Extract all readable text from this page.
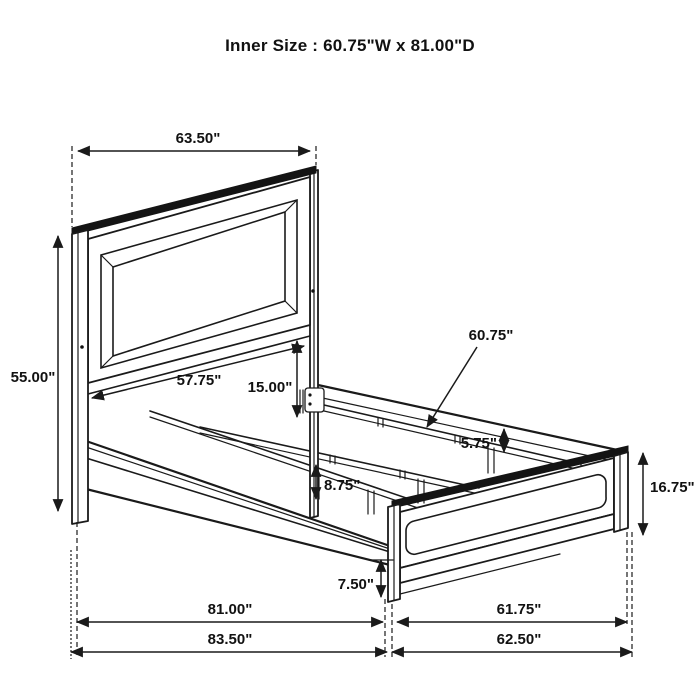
Inner Size : 60.75"W x 81.00"D
63.50"
55.00"	57.75" 15.00"
60.75"
5.75"
8.75"	16.75"
7.50"
81.00"	61.75"
83.50"	62.50"
